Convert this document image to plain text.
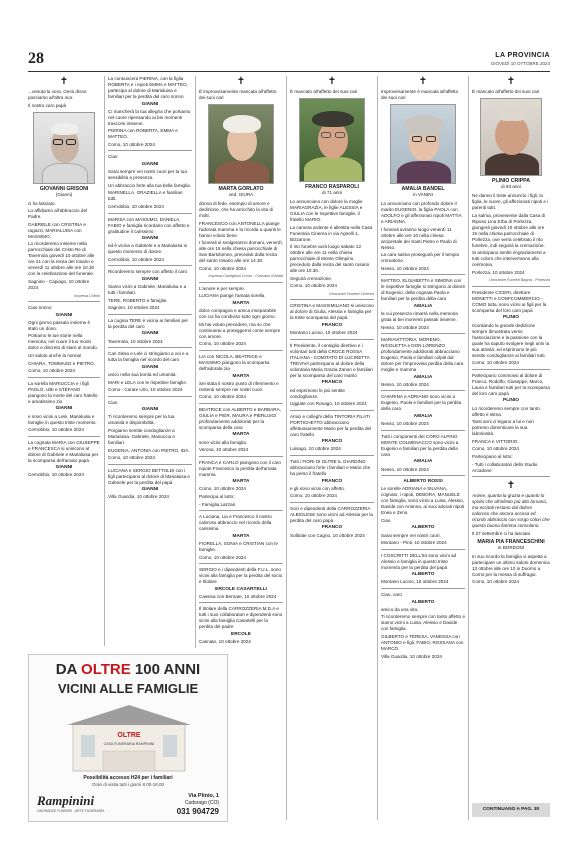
28	LA PROVINCIA
GIOVEDÌ 10 OTTOBRE 2024
✝

...venuta la sera, Gesù disse: passiamo all'altra riva.

Il nostro caro papà

GIOVANNI GRISONI
(Gianni)

ci ha lasciato.

Lo affidiamo all'abbraccio del Padre.

GABRIELE con CRISTINA e ragazzi, MARIALUISA con MASSIMO.

Lo ricorderemo insieme nella parrocchiale del Cristo Re di Tavernola giovedì 10 ottobre alle ore 21 con la recita del rosario e venerdì 11 ottobre alle ore 10.30 con la celebrazione del funerale.

Sagnino - Capiago, 10 ottobre 2024

Impresa Cofrini

Ciao nonno

GIANNI

Ogni giorno passato insieme è stato un dono.

Portiamo le tue storie nella memoria, nel cuore il tuo modo dolce e discreto di stare al mondo.

Un saluto anche la nonna!

CHIARA, TOMMASO e PIETRO.

Como, 10 ottobre 2024

La sorella MARIUCCIA e i figli PAOLO, UBI e STEFANO piangono la morte del caro fratello e amatissimo zio

GIANNI

e sono vicini a Lele, Marialuisa e famiglie in questo triste momento.

Cernobbio, 10 ottobre 2024

La cognata MARIA con GIUSEPPE e FRANCESCA si uniscono al dolore di Gabriele e Marialuisa per la scomparsa dell'amato papà

GIANNI

Cernobbio, 10 ottobre 2024

La consuocera PIERINA, con la figlia ROBERTA e i nipoti EMMA e MATTEO, partecipa al dolore di Marialuisa e familiari per la perdita del caro nonno

GIANNI

Ci mancherà la tua allegria che portiamo nel cuore ripensando ai bei momenti trascorsi insieme.

PIERINA con ROBERTA, EMMA e MATTEO.

Como, 10 ottobre 2024

Ciao

GIANNI

Sarai sempre nei nostri cuori per la tua sensibilità e presenza.

Un abbraccio forte alla tua bella famiglia.

MARINELLA, GRAZIELLA e familiari tutti.

Cernobbio, 10 ottobre 2024

MARISA con MASSIMO, DANIELA, FABIO e famiglia ricordano con affetto e gratitudine il carissimo

GIANNI

ed è vicina a Gabriele e a Marialuisa in questo momento di dolore.

Cernobbio, 10 ottobre 2024

Ricorderemo sempre con affetto il caro

GIANNI

Siamo vicini a Gabriele, Marialuisa e a tutti i familiari.

TERE, ROBERTO e famiglie.

Sagnino, 10 ottobre 2024

La cugina TERE è vicina ai familiari per la perdita del caro

GIANNI

Tavernola, 10 ottobre 2024

Cari Sissa e Lele ci stringiamo a voi e a tutta la famiglia nel ricordo del caro

GIANNI

unico nella sua bontà ed umanità.

MARI e LELA con le rispettive famiglie.

Como - Carate Urio, 10 ottobre 2024

Ciao

GIANNI

Ti ricorderemo sempre per la tua umanità e disponibilità.

Porgiamo sentite condoglianze a Marialuisa, Gabriele, Mariuccia e familiari.

EUGENIA, ANTONIA con PIETRO, IDA.

Como, 10 ottobre 2024

LUCIANA e SERGIO BETTOLDI con i figli partecipano al dolore di Marialuisa e Gabriele per la perdita del papà

GIANNI

Villa Guardia, 10 ottobre 2024

✝

È improvvisamente mancata all'affetto dei suoi cari

MARTA GORLATO
ved. GIURA

donna di fede, esempio di amore e dedizione, che ha arricchito la vita di molti.

FRANCESCO con ANTONELLA piange l'adorata mamma e la ricorda a quanti le hanno voluto bene.

I funerali si svolgeranno domani, venerdì, alle ore 15 nella chiesa parrocchiale di San Bartolomeo, preceduti dalla recita del santo rosario alle ore 14.30.

Como, 10 ottobre 2024

Impresa Castiglioni Como - Cassano d'Adda

L'amore è per sempre.

LUCIANA piange l'amata sorella

MARTA

dolce compagna e amica inseparabile con cui ha condiviso tutto ogni giorno.

Mi hai voluto precedere, ma so che continuerai a proteggermi come sempre con amore.

Como, 10 ottobre 2024

LIA con NICOLA, BEATRICE e MASSIMO piangono la scomparsa dell'adorata zia

MARTA

Sei stata il nostro punto di riferimento e resterai sempre nei nostri cuori.

Como, 10 ottobre 2024

BEATRICE con ALBERTO e BARBARA, GIULIA e PIER, MAURA e PIERLUIGI profondamente addolorati per la scomparsa della cara

MARTA

sono vicini alla famiglia.

Verona, 10 ottobre 2024

FRANCA e CARLO piangono con il caro nipote Francesco la perdita dell'amata mamma

MARTA

Como, 10 ottobre 2024

Partecipa al lutto:

- Famiglia Lazzari

A Luciana, Lia e Francesco il nostro caloroso abbraccio nel ricordo della carissima

MARTA

FIORELLA, SONIA e CRISTIAN con le famiglie.

Como, 10 ottobre 2024

SERGIO e i dipendenti della F.U.L. sono vicini alla famiglia per la perdita del socio e titolare

ERCOLE CASARTELLI

Cassina con Bernate, 10 ottobre 2024

Il titolare della CARROZZERIA M.D.A e tutti i suoi collaboratori e dipendenti sono vicini alla famiglia Casartelli per la perdita del padre

ERCOLE

Casnate, 10 ottobre 2024

✝

È mancato all'affetto dei suoi cari

FRANCO RASPAROLI
di 71 anni

Lo annunciano con dolore la moglie MARIAGRAZIA, le figlie ALESSIA e GIULIA con le rispettive famiglie, il fratello MARIO.

La camera ardente è allestita nella Casa Funeraria Cinerea in via Agnelli 1, Bizzarone.

Il rito funebre avrà luogo sabato 12 ottobre alle ore 11 nella chiesa parrocchiale di Monte Olimpino, preceduto dalla recita del santo rosario alle ore 10.30.

Seguirà cremazione.

Como, 10 ottobre 2024

Onoranze Funebri Cinerea

CRISTINA e MASSIMILIANO si uniscono al dolore di Giulia, Alessia e famiglia per la triste scomparsa del papà

FRANCO

Montano Lucino, 10 ottobre 2024

Il Presidente, il consiglio direttivo e i volontari tutti della CROCE ROSSA ITALIANA - COMITATO DI LUCINETTA TREVIVA partecipano al dolore della volontaria Maria Grazia Zanon e familiari per la scomparsa del caro marito

FRANCO

ed esprimono le più sentite condoglianze.

Uggiate con Ronago, 10 ottobre 2024

Amici e colleghi della TINTORIA FILATI PORTICHETTO abbracciano affettuosamente Mario per la perdita del caro fratello

FRANCO

Luisago, 10 ottobre 2024

Tutti i FIORI DI OLTRE IL GIARDINO abbracciano forte i familiari e Mario che ha perso il fratello

FRANCO

e gli sono vicini con affetto.

Como, 10 ottobre 2024

Soci e dipendenti della CARROZZERIA ALBIOLESE sono vicini ad Alessia per la perdita del caro papà

FRANCO

Solbiate con Cagno, 10 ottobre 2024

✝

Improvvisamente è mancata all'affetto dei suoi cari

AMALIA BANDEL
in VANINI

Lo annunciano con profondo dolore il marito EUGENIO, la figlia PAOLA con ADOLFO e gli affezionati nipoti MATTIA e ARIANNA.

I funerali avranno luogo venerdì 11 ottobre alle ore 10 nella chiesa arcipretale dei Santi Pietro e Paolo di Nesso.

La cara salma proseguirà per il tempio crematorio.

Nesso, 10 ottobre 2024

MATTEO, ELISABETTA e SIMONA con le rispettive famiglie si stringono al dolore di Eugenio, della cognata Paola e familiari per la perdita della cara

AMALIA

la cui presenza rimarrà nella memoria grata ai bei momenti passati insieme.

Nesso, 10 ottobre 2024

MARIAVITTORIA, MORENO, NICOLETTA e DON LORENZO profondamente addolorati abbracciano Eugenio, Paola e familiari colpiti dal dolore per l'improvvisa perdita della cara moglie e mamma

AMALIA

Nesso, 10 ottobre 2024

CHIARINA e ADRIANO sono vicini a Eugenio, Paola e familiari per la perdita della cara

AMALIA

Nesso, 10 ottobre 2024

Tutti i componenti del CORO ALPINO MONTE COLMENACCO sono vicini a Eugenio e familiari per la perdita della cara

AMALIA

Nesso, 10 ottobre 2024

ALBERTO ROSSI

Le sorelle ADRIANA e SILVANA, cognato, i nipoti, DEBORA, MANUELE con famiglia, sono vicini a Luisa, Alessio, Davide con Arianna, ai suoi adorati nipoti Enea e Zeno.

Ciao

ALBERTO

Sarai sempre nei nostri cuori.

Montano - Pinti, 10 ottobre 2024

I COSCRITTI DELL'84 sono vicini ad Alessio e famiglia in questo triste momento per la perdita del papà

ALBERTO

Montano Lucino, 10 ottobre 2024

Ciao, caro

ALBERTO

amico da una vita.

Ti ricorderemo sempre con tanto affetto e siamo vicini a Luisa, Alessio e Davide con famiglia.

GILBERTO e TERESA, VANESSA con ANTONIO e figli, FABIO, ROSSANA con MARCO.

Villa Guardia, 10 ottobre 2024

✝

È mancato all'affetto dei suoi cari

PLINIO CRIPPA
di 93 anni

Ne danno il triste annuncio i figli, la figlia, le nuore, gli affezionati nipoti e i parenti tutti.

La salma, proveniente dalla Casa di Riposo Lina Erba di Porlezza, giungerà giovedì 10 ottobre alle ore 15 nella chiesa parrocchiale di Porlezza, ove verrà celebrato il rito funebre, indi seguirà la cremazione.

Si anticipano sentiti ringraziamenti a tutti coloro che interverranno alla cerimonia.

Porlezza, 10 ottobre 2024

Onoranze Funebri Bagna - Porlezza

Presidente CICERI, direttore MONETTI e CONFCOMMERCIO - COMO tutta, sono vicini ai figli per la scomparsa del loro caro papà

PLINIO

ricordando la grande dedizione sempre dimostrata verso l'associazione e la passione con la quale ha saputo svolgere negli anni la sua attività, ed esprimono le più sentite condoglianze ai familiari tutti.

Como, 10 ottobre 2024

Partecipano commossi al dolore di Franco, Rodolfo, Giuseppe, Marco, Laura e familiari tutti per la scomparsa del loro caro papà

PLINIO

Lo ricorderemo sempre con tanto affetto e stima.

Tanti anni ci legano a lui e non potremo dimenticare la sua laboriosità.

FRANCA e VITTORIO.

Como, 10 ottobre 2024

Partecipano al lutto:

- Tutti i collaboratori dello Studio Arcadone

✝

Anime, quanta la grazia e quanto lo spirito che all'infinito più alto tornano, ma eccitati restano dal dolore caloroso che ancora accosa ed ricordo abbraccio con sorgo colori che questa buona fiamma consolano.

Il 27 settembre ci ha lasciato

MARIA PIA FRANCESCHINI
in BORDONI

In suo ricordo la famiglia vi aspetta a partecipare un ultimo saluto domenica 13 ottobre alle ore 10 in Duomo a Como per la messa di suffragio.

Como, 10 ottobre 2024

DA OLTRE 100 ANNI
VICINI ALLE FAMIGLIE
OLTRE
CASA FUNERARIA RAMPININI
Possibilità accesso H24 per i familiari
Orari di visita tutti i giorni 8.00-18.00
Rampinini
ONORANZE FUNEBRI - ARTE FUNERARIA
Via Plinio, 1
Cadorago (CO)
031 904729	CONTINUANO A PAG. 30
